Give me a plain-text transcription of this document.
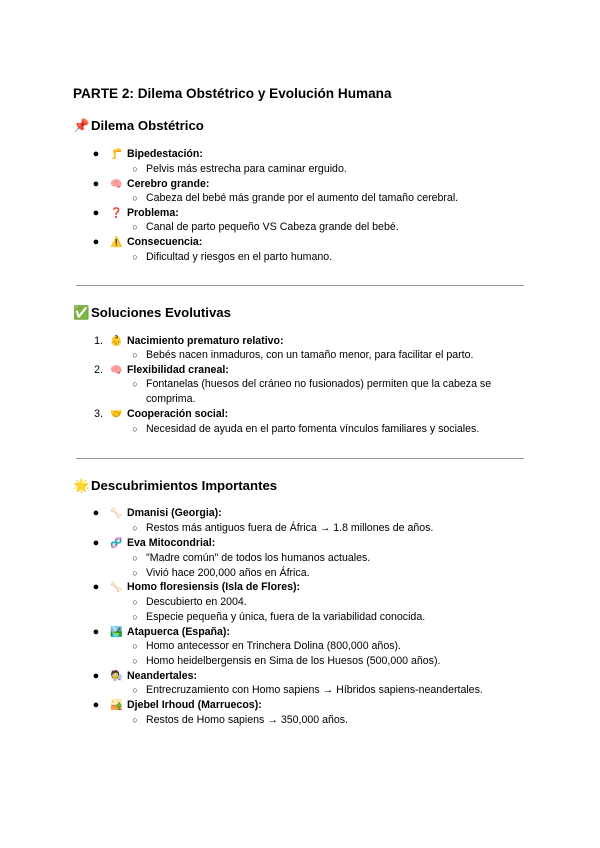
PARTE 2: Dilema Obstétrico y Evolución Humana
📌 Dilema Obstétrico
●	🦵 Bipedestación:
○ Pelvis más estrecha para caminar erguido.
●	🧠 Cerebro grande:
○ Cabeza del bebé más grande por el aumento del tamaño cerebral.
●	❓ Problema:
○ Canal de parto pequeño VS Cabeza grande del bebé.
●	⚠️ Consecuencia:
○ Dificultad y riesgos en el parto humano.
✅ Soluciones Evolutivas
1. 👶 Nacimiento prematuro relativo:
○ Bebés nacen inmaduros, con un tamaño menor, para facilitar el parto.
2. 🧠 Flexibilidad craneal:
○ Fontanelas (huesos del cráneo no fusionados) permiten que la cabeza se
comprima.
3. 🤝 Cooperación social:
○ Necesidad de ayuda en el parto fomenta vínculos familiares y sociales.
🌟 Descubrimientos Importantes
●	🦴 Dmanisi (Georgia):
○ Restos más antiguos fuera de África → 1.8 millones de años.
●	🧬 Eva Mitocondrial:
○ "Madre común" de todos los humanos actuales.
○ Vivió hace 200,000 años en África.
●	🦴 Homo floresiensis (Isla de Flores):
○ Descubierto en 2004.
○ Especie pequeña y única, fuera de la variabilidad conocida.
●	🏞️ Atapuerca (España):
○ Homo antecessor en Trinchera Dolina (800,000 años).
○ Homo heidelbergensis en Sima de los Huesos (500,000 años).
●	🧑‍🔬 Neandertales:
○ Entrecruzamiento con Homo sapiens → Híbridos sapiens-neandertales.
●	🏜️ Djebel Irhoud (Marruecos):
○ Restos de Homo sapiens → 350,000 años.
